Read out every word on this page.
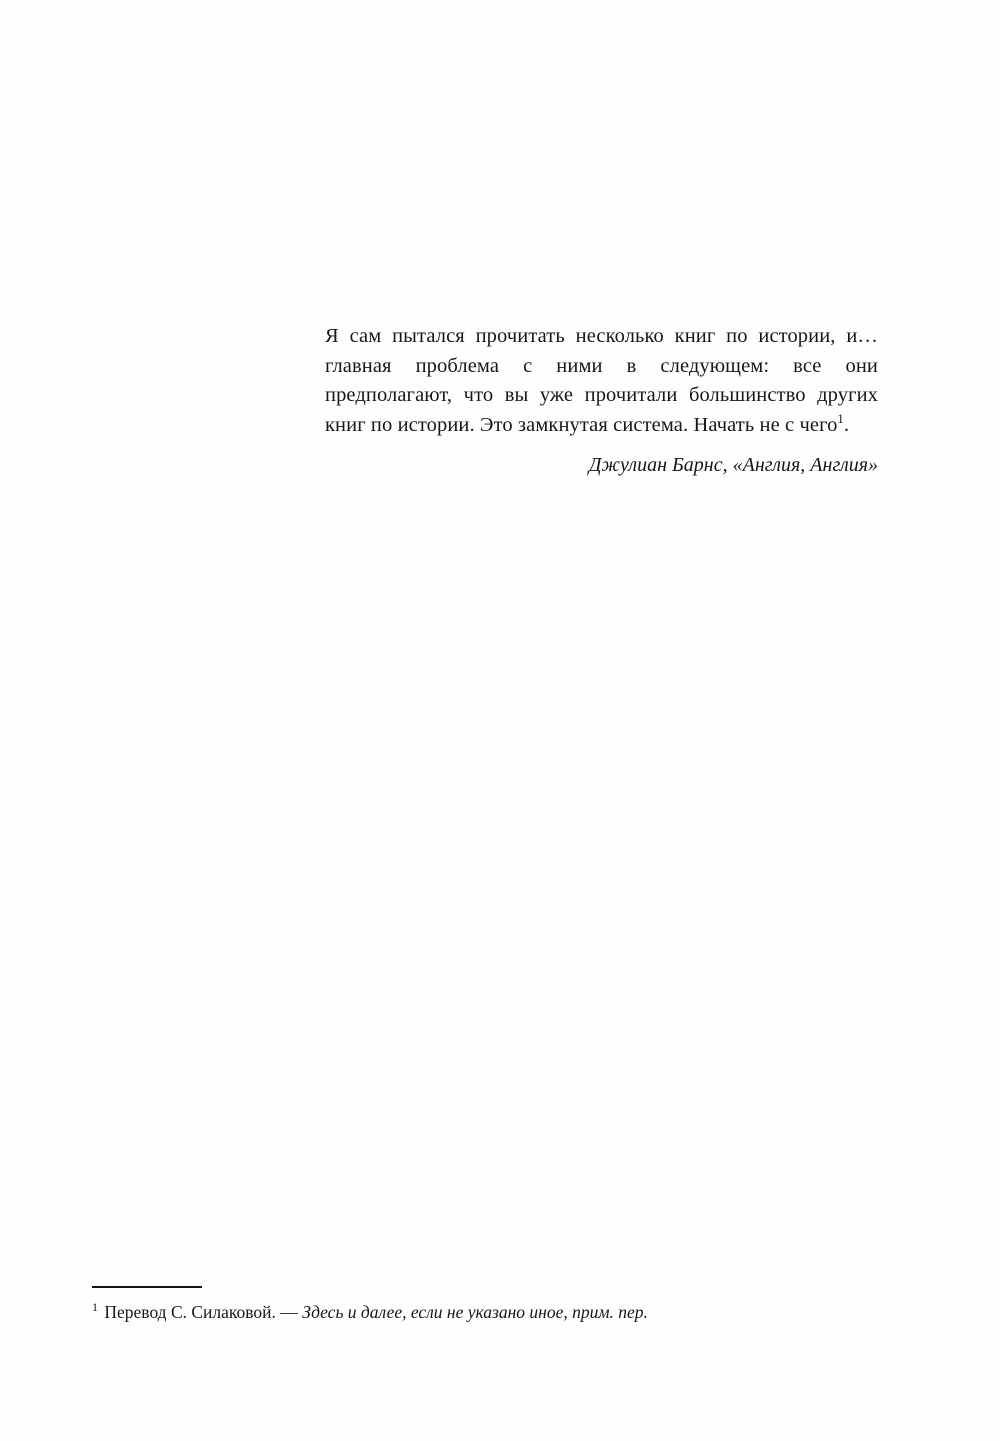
Я сам пытался прочитать несколько книг по истории, и… главная проблема с ними в следующем: все они предполагают, что вы уже прочитали большинство других книг по истории. Это замкнутая система. Начать не с чего$^1$.

Джулиан Барнс, «Англия, Англия»

$^1$ Перевод С. Силаковой. — Здесь и далее, если не указано иное, прим. пер.
